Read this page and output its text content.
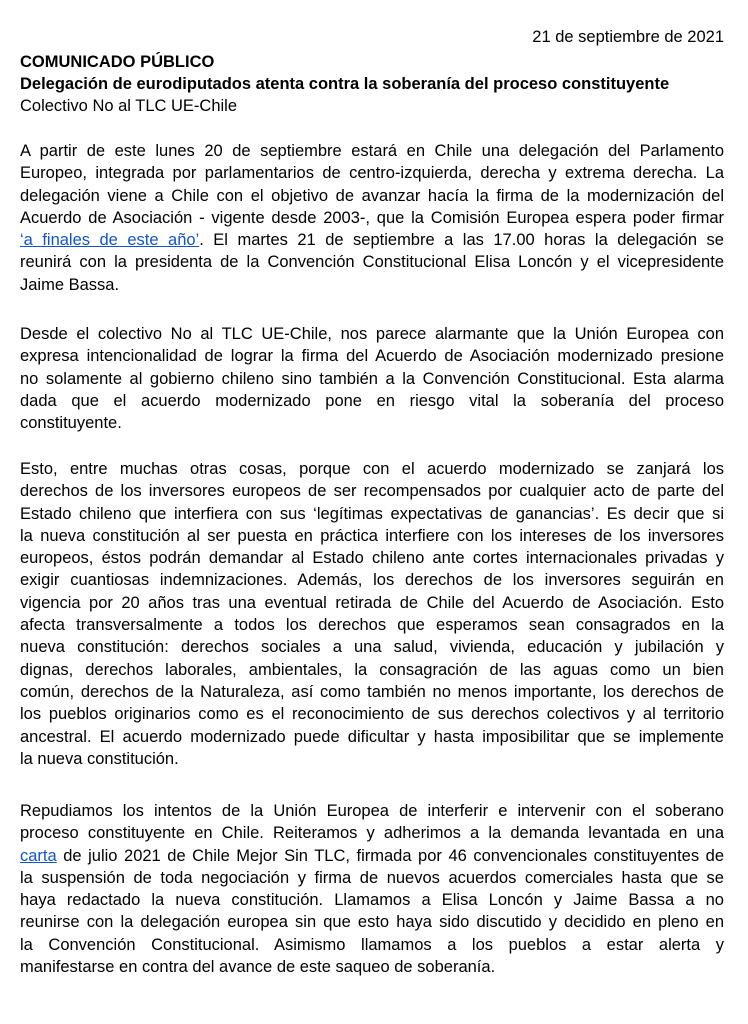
21 de septiembre de 2021
COMUNICADO PÚBLICO
Delegación de eurodiputados atenta contra la soberanía del proceso constituyente
Colectivo No al TLC UE-Chile

A partir de este lunes 20 de septiembre estará en Chile una delegación del Parlamento
Europeo, integrada por parlamentarios de centro-izquierda, derecha y extrema derecha. La
delegación viene a Chile con el objetivo de avanzar hacía la firma de la modernización del
Acuerdo de Asociación - vigente desde 2003-, que la Comisión Europea espera poder firmar
‘a finales de este año’. El martes 21 de septiembre a las 17.00 horas la delegación se
reunirá con la presidenta de la Convención Constitucional Elisa Loncón y el vicepresidente
Jaime Bassa.

Desde el colectivo No al TLC UE-Chile, nos parece alarmante que la Unión Europea con
expresa intencionalidad de lograr la firma del Acuerdo de Asociación modernizado presione
no solamente al gobierno chileno sino también a la Convención Constitucional. Esta alarma
dada que el acuerdo modernizado pone en riesgo vital la soberanía del proceso
constituyente.

Esto, entre muchas otras cosas, porque con el acuerdo modernizado se zanjará los
derechos de los inversores europeos de ser recompensados por cualquier acto de parte del
Estado chileno que interfiera con sus ‘legítimas expectativas de ganancias’. Es decir que si
la nueva constitución al ser puesta en práctica interfiere con los intereses de los inversores
europeos, éstos podrán demandar al Estado chileno ante cortes internacionales privadas y
exigir cuantiosas indemnizaciones. Además, los derechos de los inversores seguirán en
vigencia por 20 años tras una eventual retirada de Chile del Acuerdo de Asociación. Esto
afecta transversalmente a todos los derechos que esperamos sean consagrados en la
nueva constitución: derechos sociales a una salud, vivienda, educación y jubilación y
dignas, derechos laborales, ambientales, la consagración de las aguas como un bien
común, derechos de la Naturaleza, así como también no menos importante, los derechos de
los pueblos originarios como es el reconocimiento de sus derechos colectivos y al territorio
ancestral. El acuerdo modernizado puede dificultar y hasta imposibilitar que se implemente
la nueva constitución.

Repudiamos los intentos de la Unión Europea de interferir e intervenir con el soberano
proceso constituyente en Chile. Reiteramos y adherimos a la demanda levantada en una
carta de julio 2021 de Chile Mejor Sin TLC, firmada por 46 convencionales constituyentes de
la suspensión de toda negociación y firma de nuevos acuerdos comerciales hasta que se
haya redactado la nueva constitución. Llamamos a Elisa Loncón y Jaime Bassa a no
reunirse con la delegación europea sin que esto haya sido discutido y decidido en pleno en
la Convención Constitucional. Asimismo llamamos a los pueblos a estar alerta y
manifestarse en contra del avance de este saqueo de soberanía.
